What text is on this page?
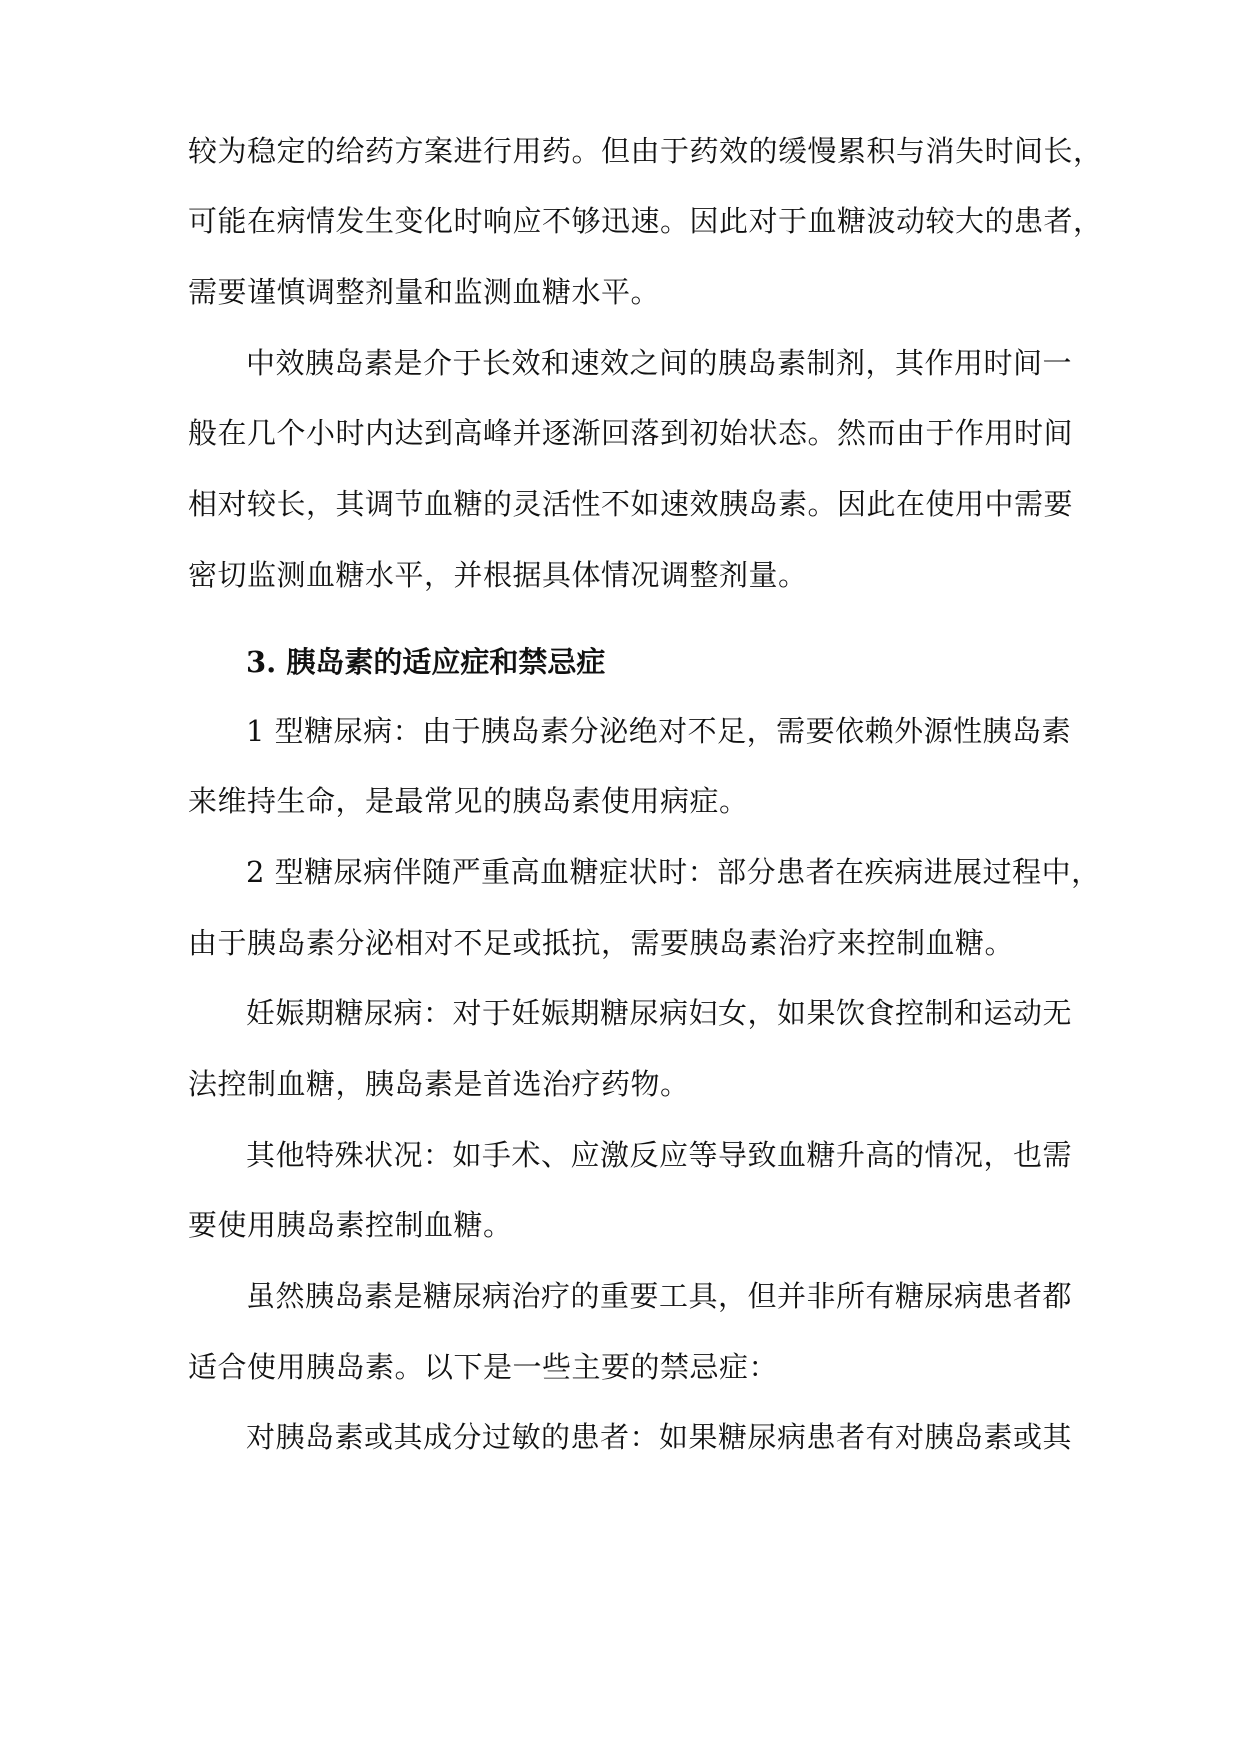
较为稳定的给药方案进行用药。但由于药效的缓慢累积与消失时间长，
可能在病情发生变化时响应不够迅速。因此对于血糖波动较大的患者，
需要谨慎调整剂量和监测血糖水平。
中效胰岛素是介于长效和速效之间的胰岛素制剂，其作用时间一
般在几个小时内达到高峰并逐渐回落到初始状态。然而由于作用时间
相对较长，其调节血糖的灵活性不如速效胰岛素。因此在使用中需要
密切监测血糖水平，并根据具体情况调整剂量。
3. 胰岛素的适应症和禁忌症
1 型糖尿病：由于胰岛素分泌绝对不足，需要依赖外源性胰岛素
来维持生命，是最常见的胰岛素使用病症。
2 型糖尿病伴随严重高血糖症状时：部分患者在疾病进展过程中，
由于胰岛素分泌相对不足或抵抗，需要胰岛素治疗来控制血糖。
妊娠期糖尿病：对于妊娠期糖尿病妇女，如果饮食控制和运动无
法控制血糖，胰岛素是首选治疗药物。
其他特殊状况：如手术、应激反应等导致血糖升高的情况，也需
要使用胰岛素控制血糖。
虽然胰岛素是糖尿病治疗的重要工具，但并非所有糖尿病患者都
适合使用胰岛素。以下是一些主要的禁忌症：
对胰岛素或其成分过敏的患者：如果糖尿病患者有对胰岛素或其
